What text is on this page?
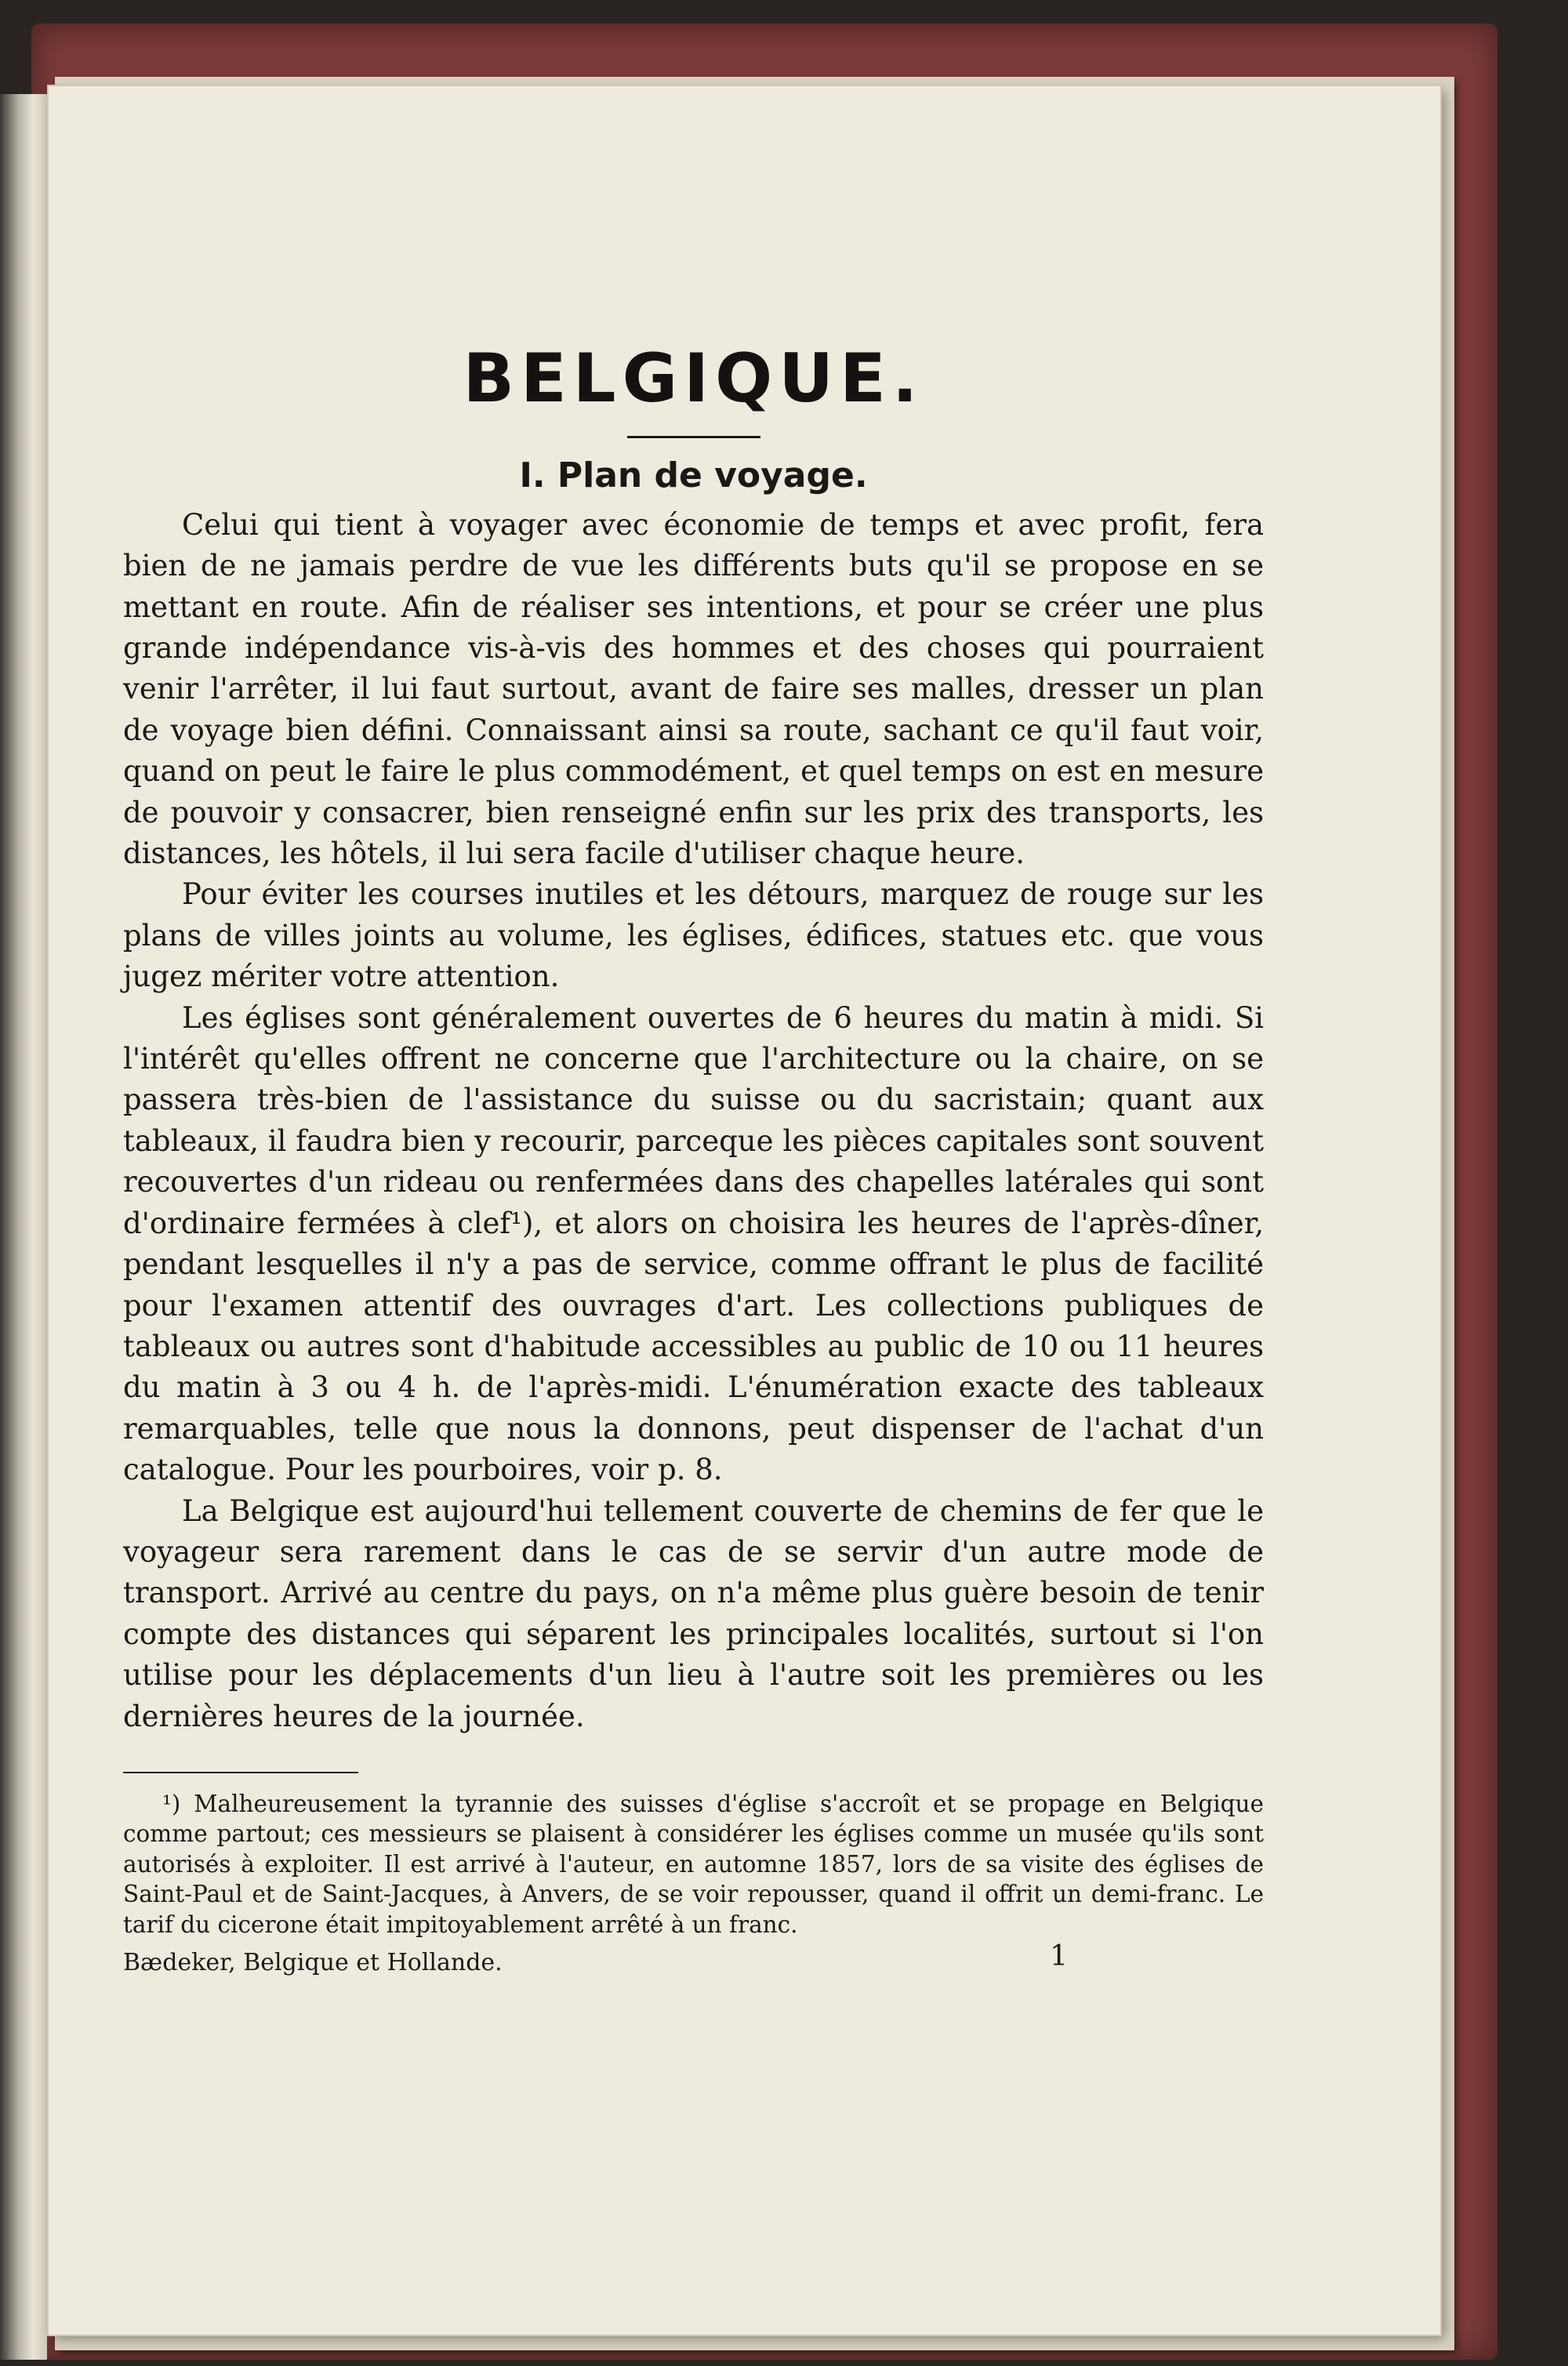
BELGIQUE.
I. Plan de voyage.

Celui qui tient à voyager avec économie de temps et avec profit, fera bien de ne jamais perdre de vue les différents buts qu'il se propose en se mettant en route. Afin de réaliser ses intentions, et pour se créer une plus grande indépendance vis-à-vis des hommes et des choses qui pourraient venir l'arrêter, il lui faut surtout, avant de faire ses malles, dresser un plan de voyage bien défini. Connaissant ainsi sa route, sachant ce qu'il faut voir, quand on peut le faire le plus commodément, et quel temps on est en mesure de pouvoir y consacrer, bien renseigné enfin sur les prix des transports, les distances, les hôtels, il lui sera facile d'utiliser chaque heure.

Pour éviter les courses inutiles et les détours, marquez de rouge sur les plans de villes joints au volume, les églises, édifices, statues etc. que vous jugez mériter votre attention.

Les églises sont généralement ouvertes de 6 heures du matin à midi. Si l'intérêt qu'elles offrent ne concerne que l'architecture ou la chaire, on se passera très-bien de l'assistance du suisse ou du sacristain; quant aux tableaux, il faudra bien y recourir, parceque les pièces capitales sont souvent recouvertes d'un rideau ou renfermées dans des chapelles latérales qui sont d'ordinaire fermées à clef¹), et alors on choisira les heures de l'après-dîner, pendant lesquelles il n'y a pas de service, comme offrant le plus de facilité pour l'examen attentif des ouvrages d'art. Les collections publiques de tableaux ou autres sont d'habitude accessibles au public de 10 ou 11 heures du matin à 3 ou 4 h. de l'après-midi. L'énumération exacte des tableaux remarquables, telle que nous la donnons, peut dispenser de l'achat d'un catalogue. Pour les pourboires, voir p. 8.

La Belgique est aujourd'hui tellement couverte de chemins de fer que le voyageur sera rarement dans le cas de se servir d'un autre mode de transport. Arrivé au centre du pays, on n'a même plus guère besoin de tenir compte des distances qui séparent les principales localités, surtout si l'on utilise pour les déplacements d'un lieu à l'autre soit les premières ou les dernières heures de la journée.

¹) Malheureusement la tyrannie des suisses d'église s'accroît et se propage en Belgique comme partout; ces messieurs se plaisent à considérer les églises comme un musée qu'ils sont autorisés à exploiter. Il est arrivé à l'auteur, en automne 1857, lors de sa visite des églises de Saint-Paul et de Saint-Jacques, à Anvers, de se voir repousser, quand il offrit un demi-franc. Le tarif du cicerone était impitoyablement arrêté à un franc.

Bædeker, Belgique et Hollande.	1
